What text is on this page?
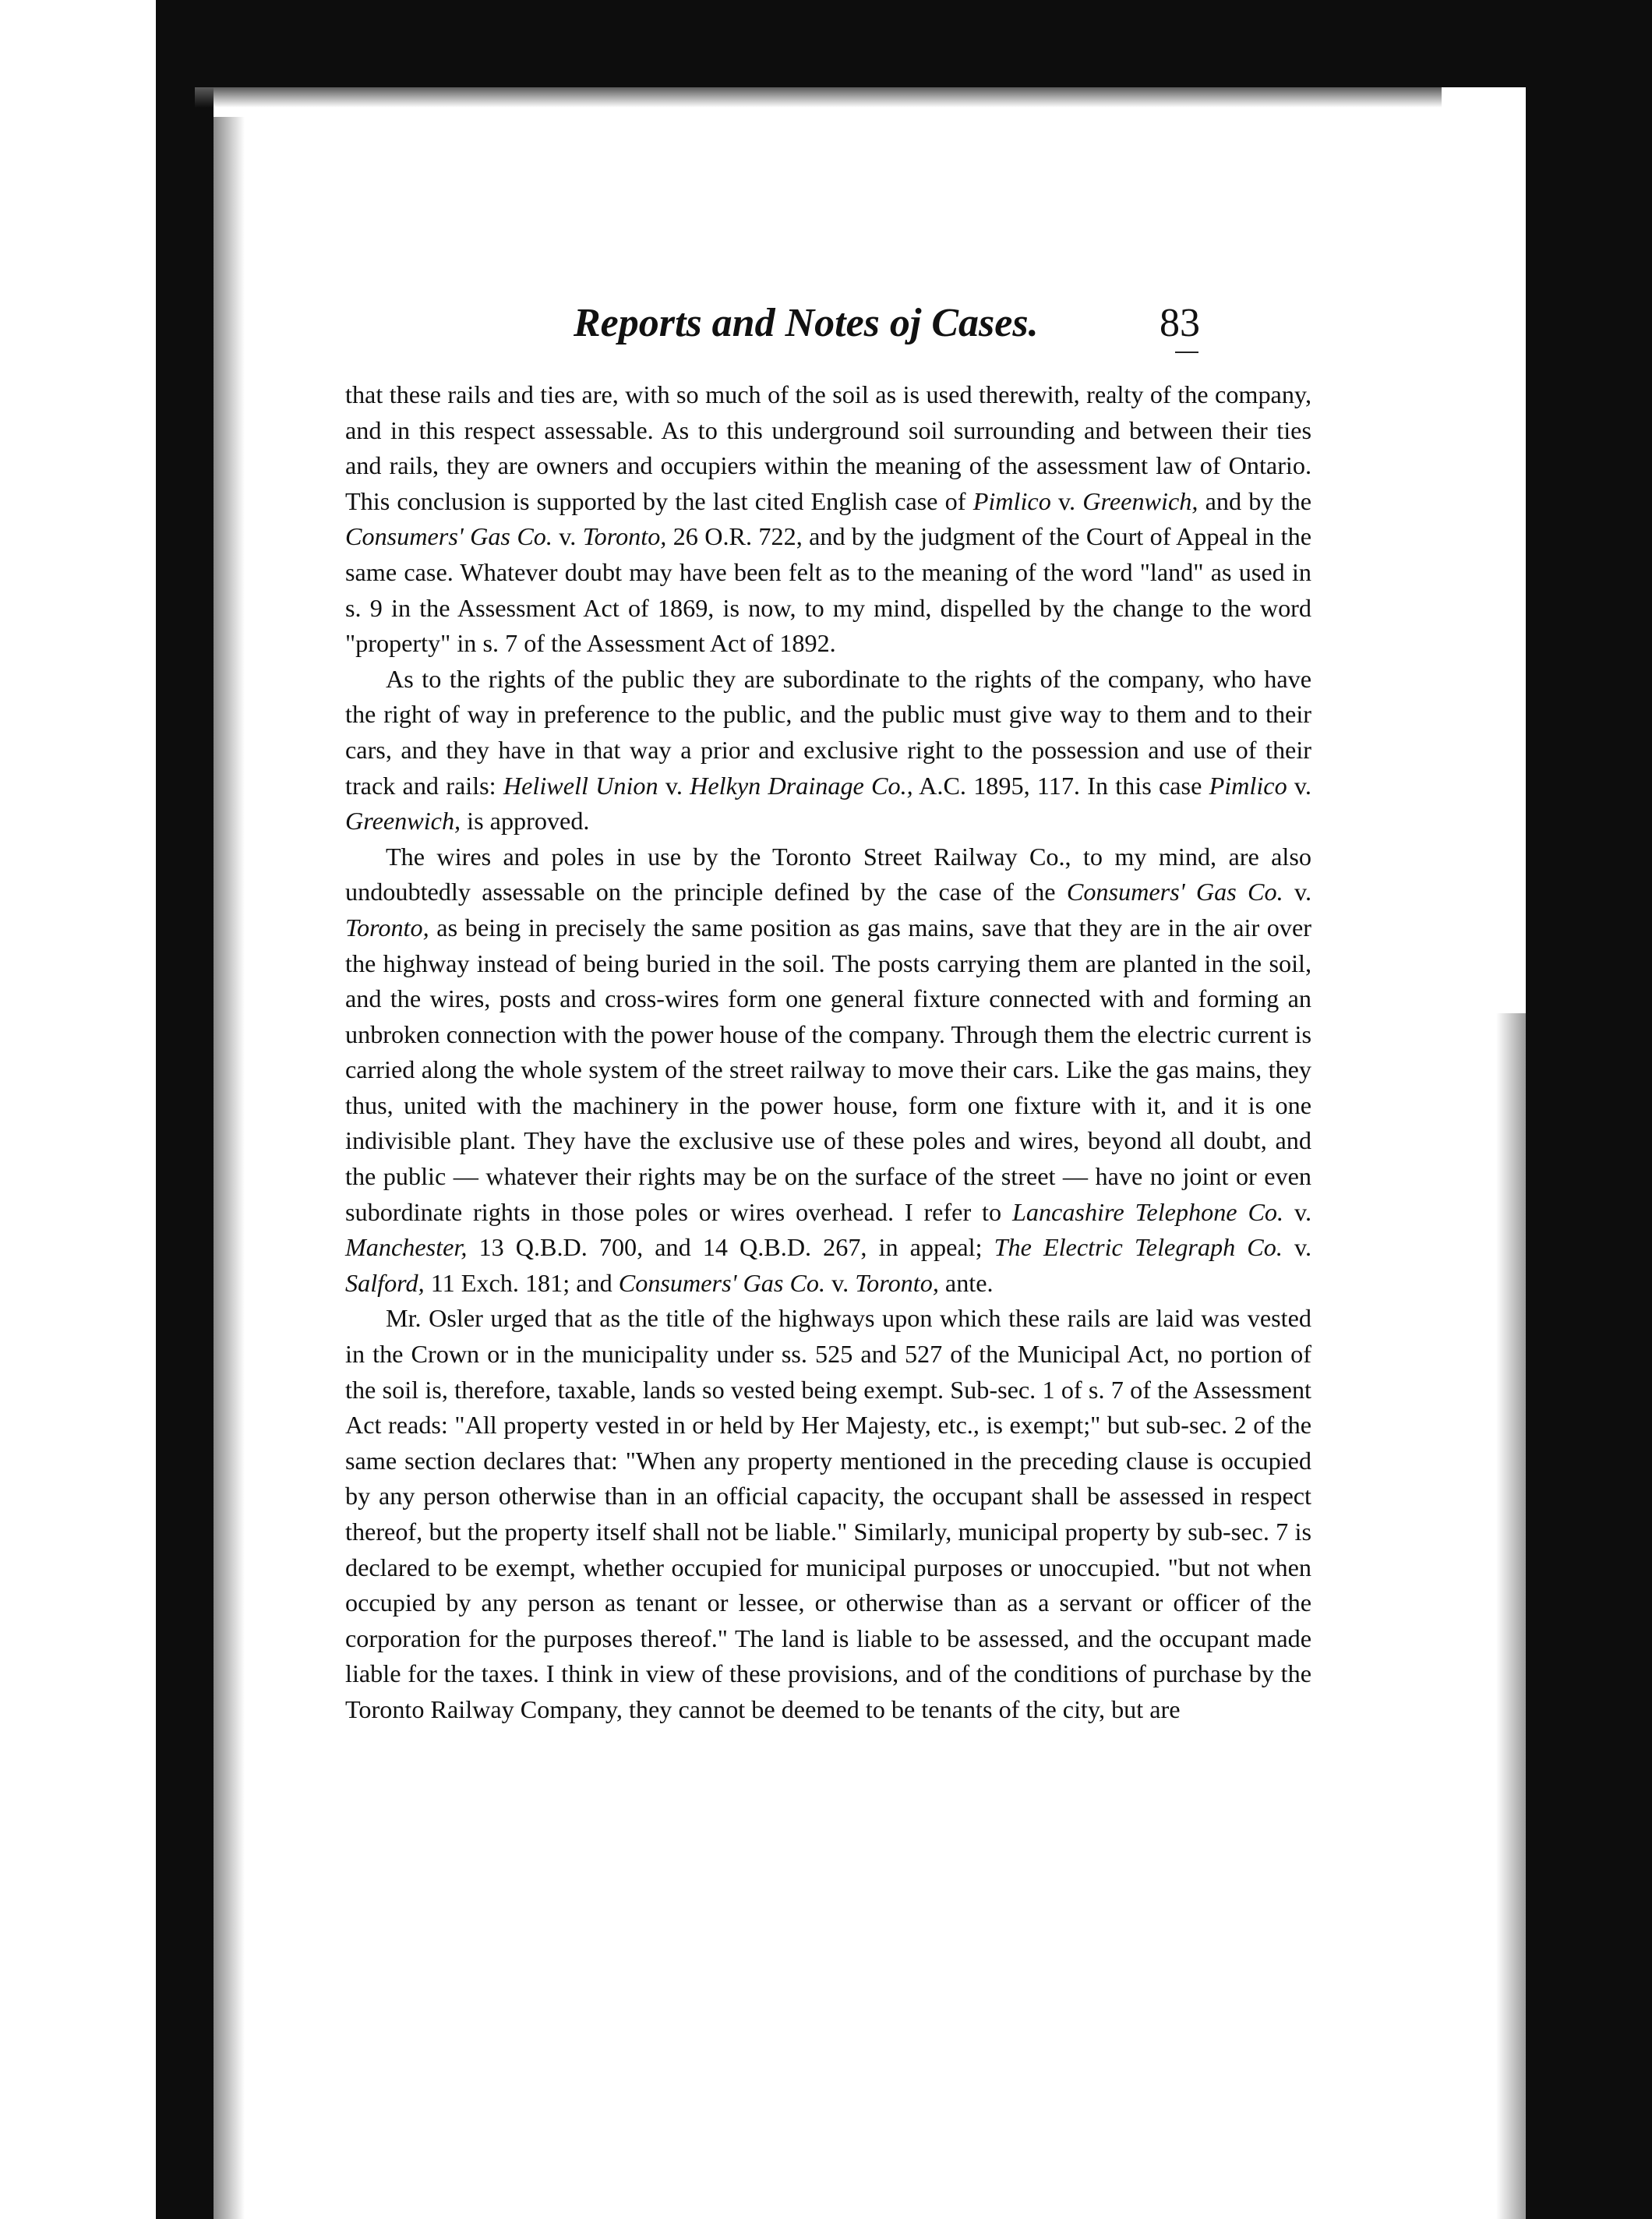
Reports and Notes oj Cases.	83

that these rails and ties are, with so much of the soil as is used therewith, realty of the company, and in this respect assessable. As to this underground soil surrounding and between their ties and rails, they are owners and occupiers within the meaning of the assessment law of Ontario. This conclusion is supported by the last cited English case of Pimlico v. Greenwich, and by the Consumers' Gas Co. v. Toronto, 26 O.R. 722, and by the judgment of the Court of Appeal in the same case. Whatever doubt may have been felt as to the meaning of the word "land" as used in s. 9 in the Assessment Act of 1869, is now, to my mind, dispelled by the change to the word "property" in s. 7 of the Assessment Act of 1892.

As to the rights of the public they are subordinate to the rights of the company, who have the right of way in preference to the public, and the public must give way to them and to their cars, and they have in that way a prior and exclusive right to the possession and use of their track and rails: Heliwell Union v. Helkyn Drainage Co., A.C. 1895, 117. In this case Pimlico v. Greenwich, is approved.

The wires and poles in use by the Toronto Street Railway Co., to my mind, are also undoubtedly assessable on the principle defined by the case of the Consumers' Gas Co. v. Toronto, as being in precisely the same position as gas mains, save that they are in the air over the highway instead of being buried in the soil. The posts carrying them are planted in the soil, and the wires, posts and cross-wires form one general fixture connected with and forming an unbroken connection with the power house of the company. Through them the electric current is carried along the whole system of the street railway to move their cars. Like the gas mains, they thus, united with the machinery in the power house, form one fixture with it, and it is one indivisible plant. They have the exclusive use of these poles and wires, beyond all doubt, and the public — whatever their rights may be on the surface of the street — have no joint or even subordinate rights in those poles or wires overhead. I refer to Lancashire Telephone Co. v. Manchester, 13 Q.B.D. 700, and 14 Q.B.D. 267, in appeal; The Electric Telegraph Co. v. Salford, 11 Exch. 181; and Consumers' Gas Co. v. Toronto, ante.

Mr. Osler urged that as the title of the highways upon which these rails are laid was vested in the Crown or in the municipality under ss. 525 and 527 of the Municipal Act, no portion of the soil is, therefore, taxable, lands so vested being exempt. Sub-sec. 1 of s. 7 of the Assessment Act reads: "All property vested in or held by Her Majesty, etc., is exempt;" but sub-sec. 2 of the same section declares that: "When any property mentioned in the preceding clause is occupied by any person otherwise than in an official capacity, the occupant shall be assessed in respect thereof, but the property itself shall not be liable." Similarly, municipal property by sub-sec. 7 is declared to be exempt, whether occupied for municipal purposes or unoccupied. "but not when occupied by any person as tenant or lessee, or otherwise than as a servant or officer of the corporation for the purposes thereof." The land is liable to be assessed, and the occupant made liable for the taxes. I think in view of these provisions, and of the conditions of purchase by the Toronto Railway Company, they cannot be deemed to be tenants of the city, but are
